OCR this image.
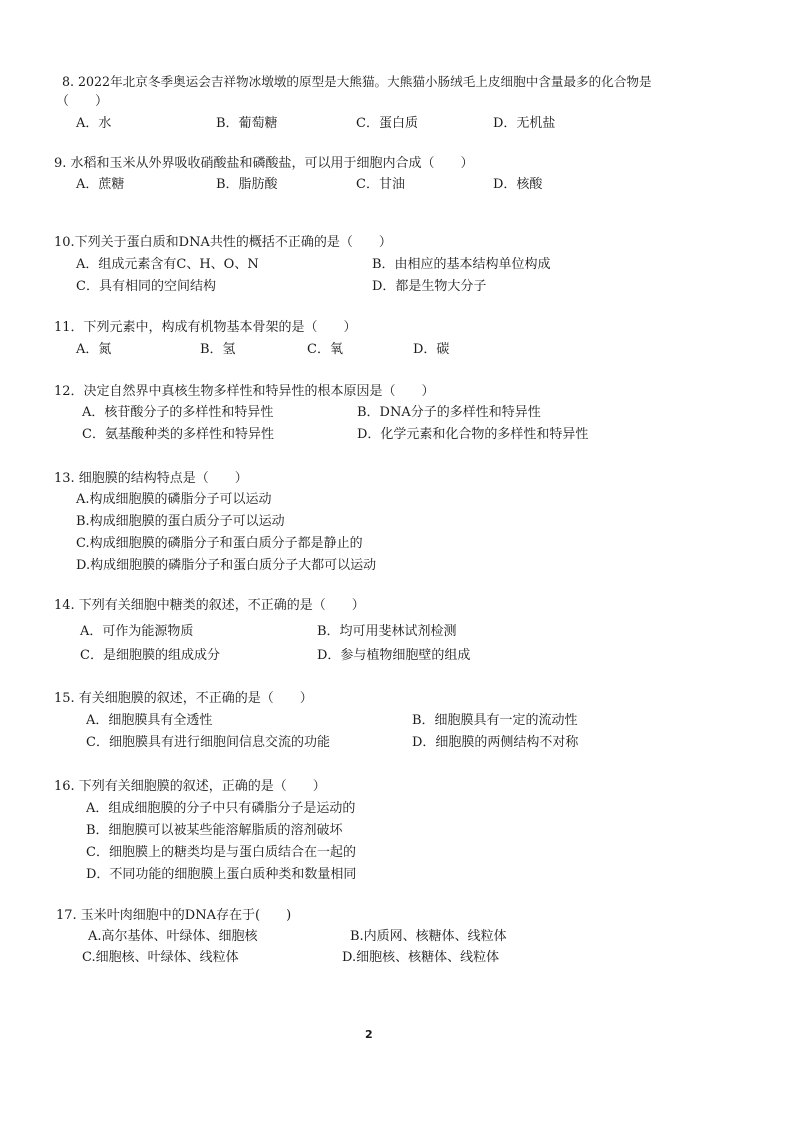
8. 2022年北京冬季奥运会吉祥物冰墩墩的原型是大熊猫。大熊猫小肠绒毛上皮细胞中含量最多的化合物是
（　　）
A．水	B．葡萄糖	C．蛋白质	D．无机盐
9. 水稻和玉米从外界吸收硝酸盐和磷酸盐，可以用于细胞内合成（　　）
A．蔗糖	B．脂肪酸	C．甘油	D．核酸
10.下列关于蛋白质和DNA共性的概括不正确的是（　　）
A．组成元素含有C、H、O、N	B．由相应的基本结构单位构成
C．具有相同的空间结构	D．都是生物大分子
11．下列元素中，构成有机物基本骨架的是（　　）
A．氮	B．氢	C．氧	D．碳
12．决定自然界中真核生物多样性和特异性的根本原因是（　　）
A．核苷酸分子的多样性和特异性	B．DNA分子的多样性和特异性
C．氨基酸种类的多样性和特异性	D．化学元素和化合物的多样性和特异性
13. 细胞膜的结构特点是（　　）
A.构成细胞膜的磷脂分子可以运动
B.构成细胞膜的蛋白质分子可以运动
C.构成细胞膜的磷脂分子和蛋白质分子都是静止的
D.构成细胞膜的磷脂分子和蛋白质分子大都可以运动
14. 下列有关细胞中糖类的叙述，不正确的是（　　）
A．可作为能源物质	B．均可用斐林试剂检测
C．是细胞膜的组成成分	D．参与植物细胞壁的组成
15. 有关细胞膜的叙述，不正确的是（　　）
A．细胞膜具有全透性	B．细胞膜具有一定的流动性
C．细胞膜具有进行细胞间信息交流的功能	D．细胞膜的两侧结构不对称
16. 下列有关细胞膜的叙述，正确的是（　　）
A．组成细胞膜的分子中只有磷脂分子是运动的
B．细胞膜可以被某些能溶解脂质的溶剂破坏
C．细胞膜上的糖类均是与蛋白质结合在一起的
D．不同功能的细胞膜上蛋白质种类和数量相同
17. 玉米叶肉细胞中的DNA存在于(　　)
A.高尔基体、叶绿体、细胞核	B.内质网、核糖体、线粒体
C.细胞核、叶绿体、线粒体	D.细胞核、核糖体、线粒体
2
